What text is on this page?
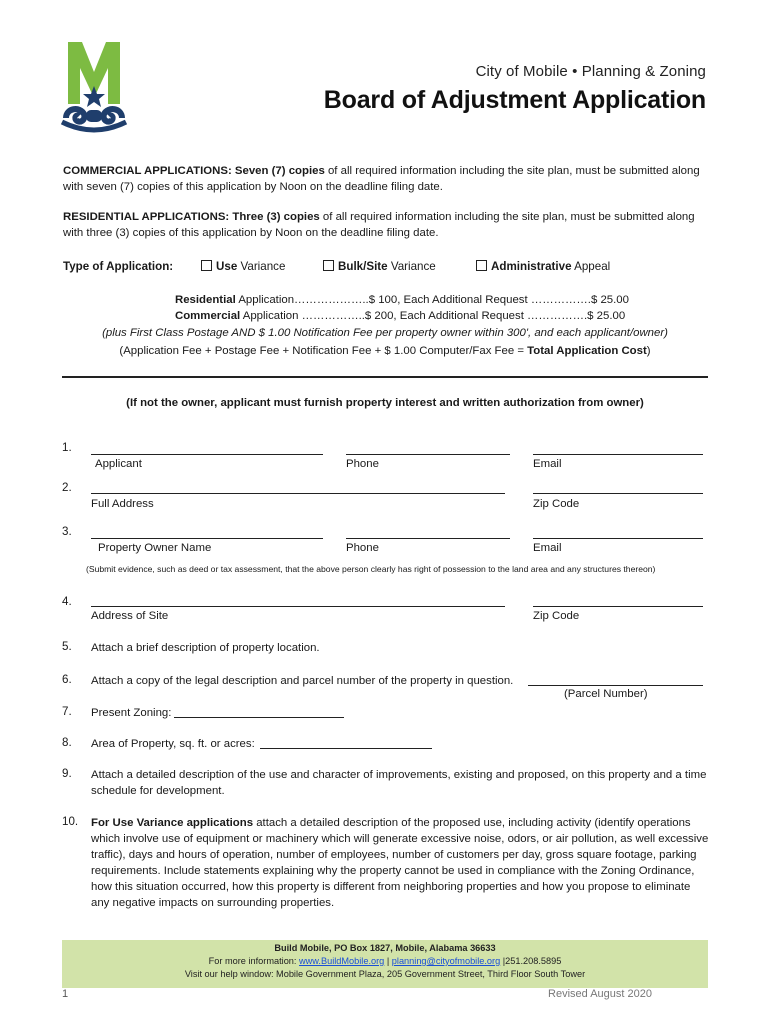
City of Mobile • Planning & Zoning
Board of Adjustment Application
COMMERCIAL APPLICATIONS: Seven (7) copies of all required information including the site plan, must be submitted along with seven (7) copies of this application by Noon on the deadline filing date.
RESIDENTIAL APPLICATIONS: Three (3) copies of all required information including the site plan, must be submitted along with three (3) copies of this application by Noon on the deadline filing date.
Type of Application:	Use Variance	Bulk/Site Variance	Administrative Appeal
Residential Application………………..$ 100, Each Additional Request …………….$ 25.00
Commercial Application ……………..$ 200, Each Additional Request …………….$ 25.00
(plus First Class Postage AND $ 1.00 Notification Fee per property owner within 300', and each applicant/owner)
(Application Fee + Postage Fee + Notification Fee + $ 1.00 Computer/Fax Fee = Total Application Cost)
(If not the owner, applicant must furnish property interest and written authorization from owner)
1.
Applicant	Phone	Email
2.
Full Address	Zip Code
3.
Property Owner Name	Phone	Email
(Submit evidence, such as deed or tax assessment, that the above person clearly has right of possession to the land area and any structures thereon)
4.
Address of Site	Zip Code
5. Attach a brief description of property location.
6. Attach a copy of the legal description and parcel number of the property in question.
(Parcel Number)
7. Present Zoning:
8. Area of Property, sq. ft. or acres:
9. Attach a detailed description of the use and character of improvements, existing and proposed, on this property and a time schedule for development.
10. For Use Variance applications attach a detailed description of the proposed use, including activity (identify operations which involve use of equipment or machinery which will generate excessive noise, odors, or air pollution, as well excessive traffic), days and hours of operation, number of employees, number of customers per day, gross square footage, parking requirements. Include statements explaining why the property cannot be used in compliance with the Zoning Ordinance, how this situation occurred, how this property is different from neighboring properties and how you propose to eliminate any negative impacts on surrounding properties.
Build Mobile, PO Box 1827, Mobile, Alabama 36633
For more information: www.BuildMobile.org | planning@cityofmobile.org |251.208.5895
Visit our help window: Mobile Government Plaza, 205 Government Street, Third Floor South Tower
1	Revised August 2020
